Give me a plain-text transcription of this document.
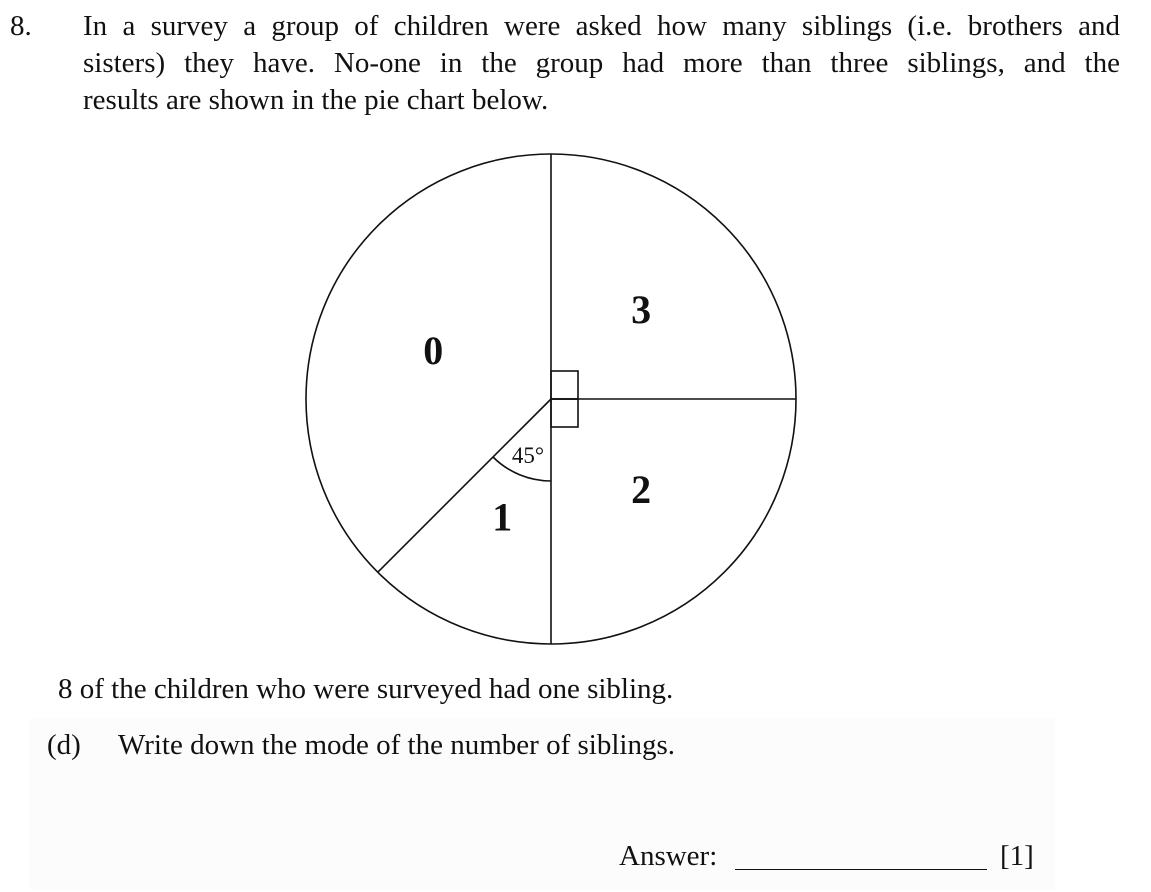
8. In a survey a group of children were asked how many siblings (i.e. brothers and
sisters) they have. No-one in the group had more than three siblings, and the
results are shown in the pie chart below.
45°
3
2
1
0
8 of the children who were surveyed had one sibling.
(d) Write down the mode of the number of siblings.
Answer:	[1]
